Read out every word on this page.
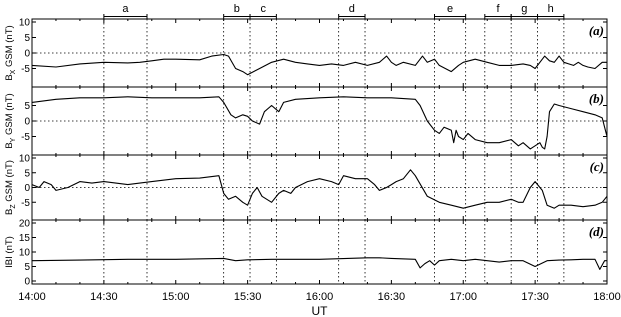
a	b c	d	e	f g h
-5
0
5
10	(a)
$B_X$ GSM (nT)
-5
0
5
(b)
$B_Y$ GSM (nT)
-5
0
5
10	(c)
$B_Z$ GSM (nT)
0
5
10
15
20	(d)
IBI (nT)
14:00	14:30	15:00	15:30	16:00	16:30	17:00	17:30	18:00
UT
